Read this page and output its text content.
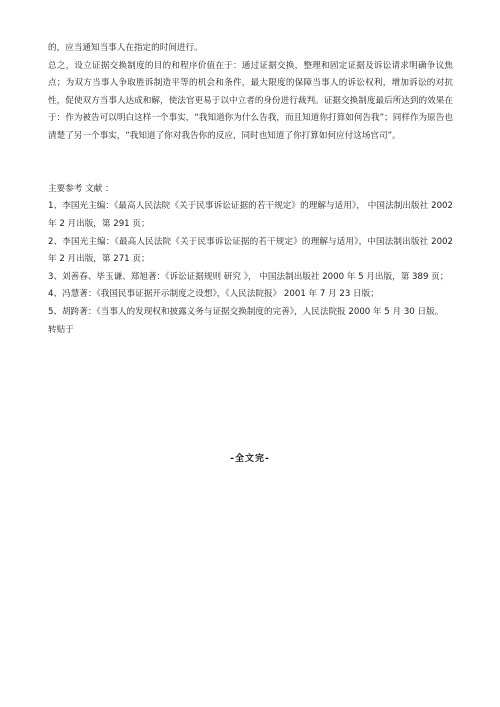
的，应当通知当事人在指定的时间进行。

总之，设立证据交换制度的目的和程序价值在于：通过证据交换，整理和固定证据及诉讼请求明确争议焦点；为双方当事人争取胜诉制造平等的机会和条件，最大限度的保障当事人的诉讼权利，增加诉讼的对抗性，促使双方当事人达成和解，使法官更易于以中立者的身份进行裁判。证据交换制度最后所达到的效果在于：作为被告可以明白这样一个事实，“我知道你为什么告我，而且知道你打算如何告我”；同样作为原告也清楚了另一个事实，“我知道了你对我告你的反应，同时也知道了你打算如何应付这场官司”。

主要参考 文献 ：

1、李国光主编：《最高人民法院《关于民事诉讼证据的若干规定》的理解与适用》， 中国法制出版社 2002 年 2 月出版，第 291 页；

2、李国光主编：《最高人民法院《关于民事诉讼证据的若干规定》的理解与适用》，中国法制出版社 2002 年 2 月出版，第 271 页；

3、刘善春、毕玉谦、郑旭著：《诉讼证据规则 研究 》， 中国法制出版社 2000 年 5 月出版，第 389 页；

4、冯慧著：《我国民事证据开示制度之设想》，《人民法院报》 2001 年 7 月 23 日版；

5、胡跨著：《当事人的发现权和披露义务与证据交换制度的完善》，人民法院报 2000 年 5 月 30 日版。

转贴于

-全文完-
